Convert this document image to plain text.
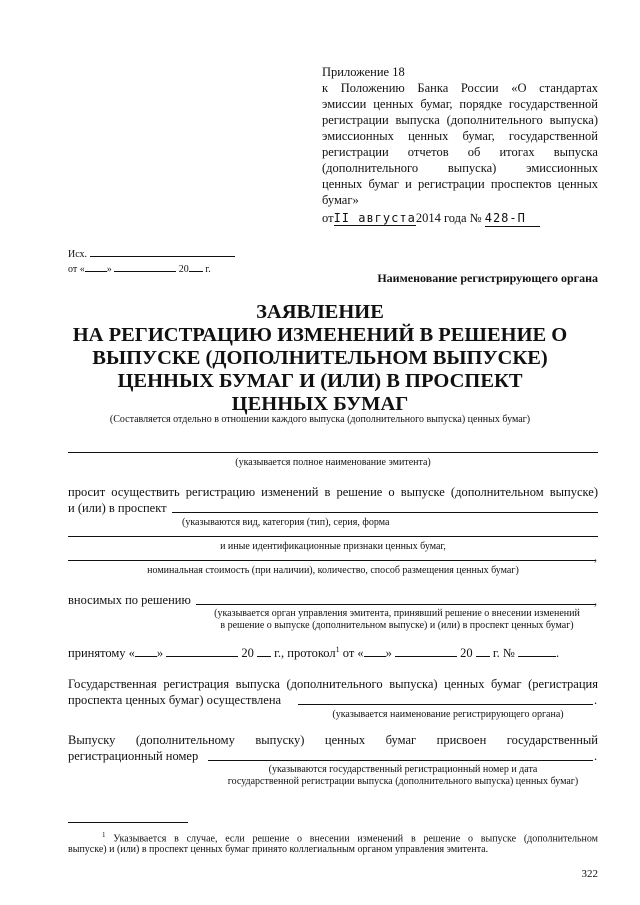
Приложение 18
к Положению Банка России «О стандартах
эмиссии ценных бумаг, порядке государственной
регистрации выпуска (дополнительного выпуска)
эмиссионных ценных бумаг, государственной
регистрации отчетов об итогах выпуска
(дополнительного выпуска) эмиссионных
ценных бумаг и регистрации проспектов ценных
бумаг»
отII августа2014 года № 428-П
Исх.
от « »	20 г.
Наименование регистрирующего органа
ЗАЯВЛЕНИЕ
НА РЕГИСТРАЦИЮ ИЗМЕНЕНИЙ В РЕШЕНИЕ О
ВЫПУСКЕ (ДОПОЛНИТЕЛЬНОМ ВЫПУСКЕ)
ЦЕННЫХ БУМАГ И (ИЛИ) В ПРОСПЕКТ
ЦЕННЫХ БУМАГ
(Составляется отдельно в отношении каждого выпуска (дополнительного выпуска) ценных бумаг)
(указывается полное наименование эмитента)
просит осуществить регистрацию изменений в решение о выпуске (дополнительном выпуске)
и (или) в проспект
(указываются вид, категория (тип), серия, форма
и иные идентификационные признаки ценных бумаг,
,
номинальная стоимость (при наличии), количество, способ размещения ценных бумаг)
вносимых по решению	,
(указывается орган управления эмитента, принявший решение о внесении изменений
в решение о выпуске (дополнительном выпуске) и (или) в проспект ценных бумаг)
принятому « »	20 г., протокол$^1$ от « »	20 г. №	.
Государственная регистрация выпуска (дополнительного выпуска) ценных бумаг (регистрация
проспекта ценных бумаг) осуществлена	.
(указывается наименование регистрирующего органа)
Выпуску (дополнительному выпуску) ценных бумаг присвоен государственный
регистрационный номер	.
(указываются государственный регистрационный номер и дата
государственной регистрации выпуска (дополнительного выпуска) ценных бумаг)
$^1$ Указывается в случае, если решение о внесении изменений в решение о выпуске (дополнительном
выпуске) и (или) в проспект ценных бумаг принято коллегиальным органом управления эмитента.
322
